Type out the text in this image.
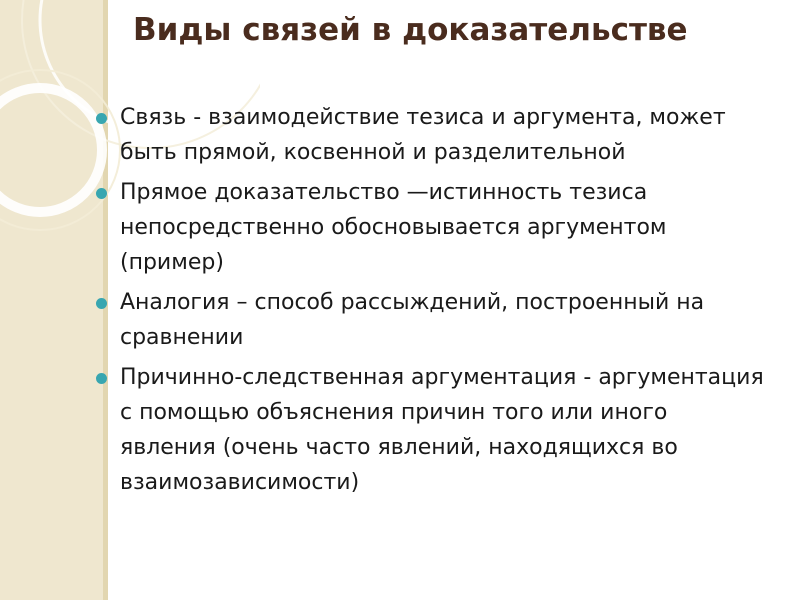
Виды связей в доказательстве
Связь - взаимодействие тезиса и аргумента, может быть прямой, косвенной и разделительной
Прямое доказательство —истинность тезиса непосредственно обосновывается аргументом (пример)
Аналогия – способ рассыждений, построенный на сравнении
Причинно-следственная аргументация - аргументация с помощью объяснения причин того или иного явления (очень часто явлений, находящихся во взаимозависимости)
